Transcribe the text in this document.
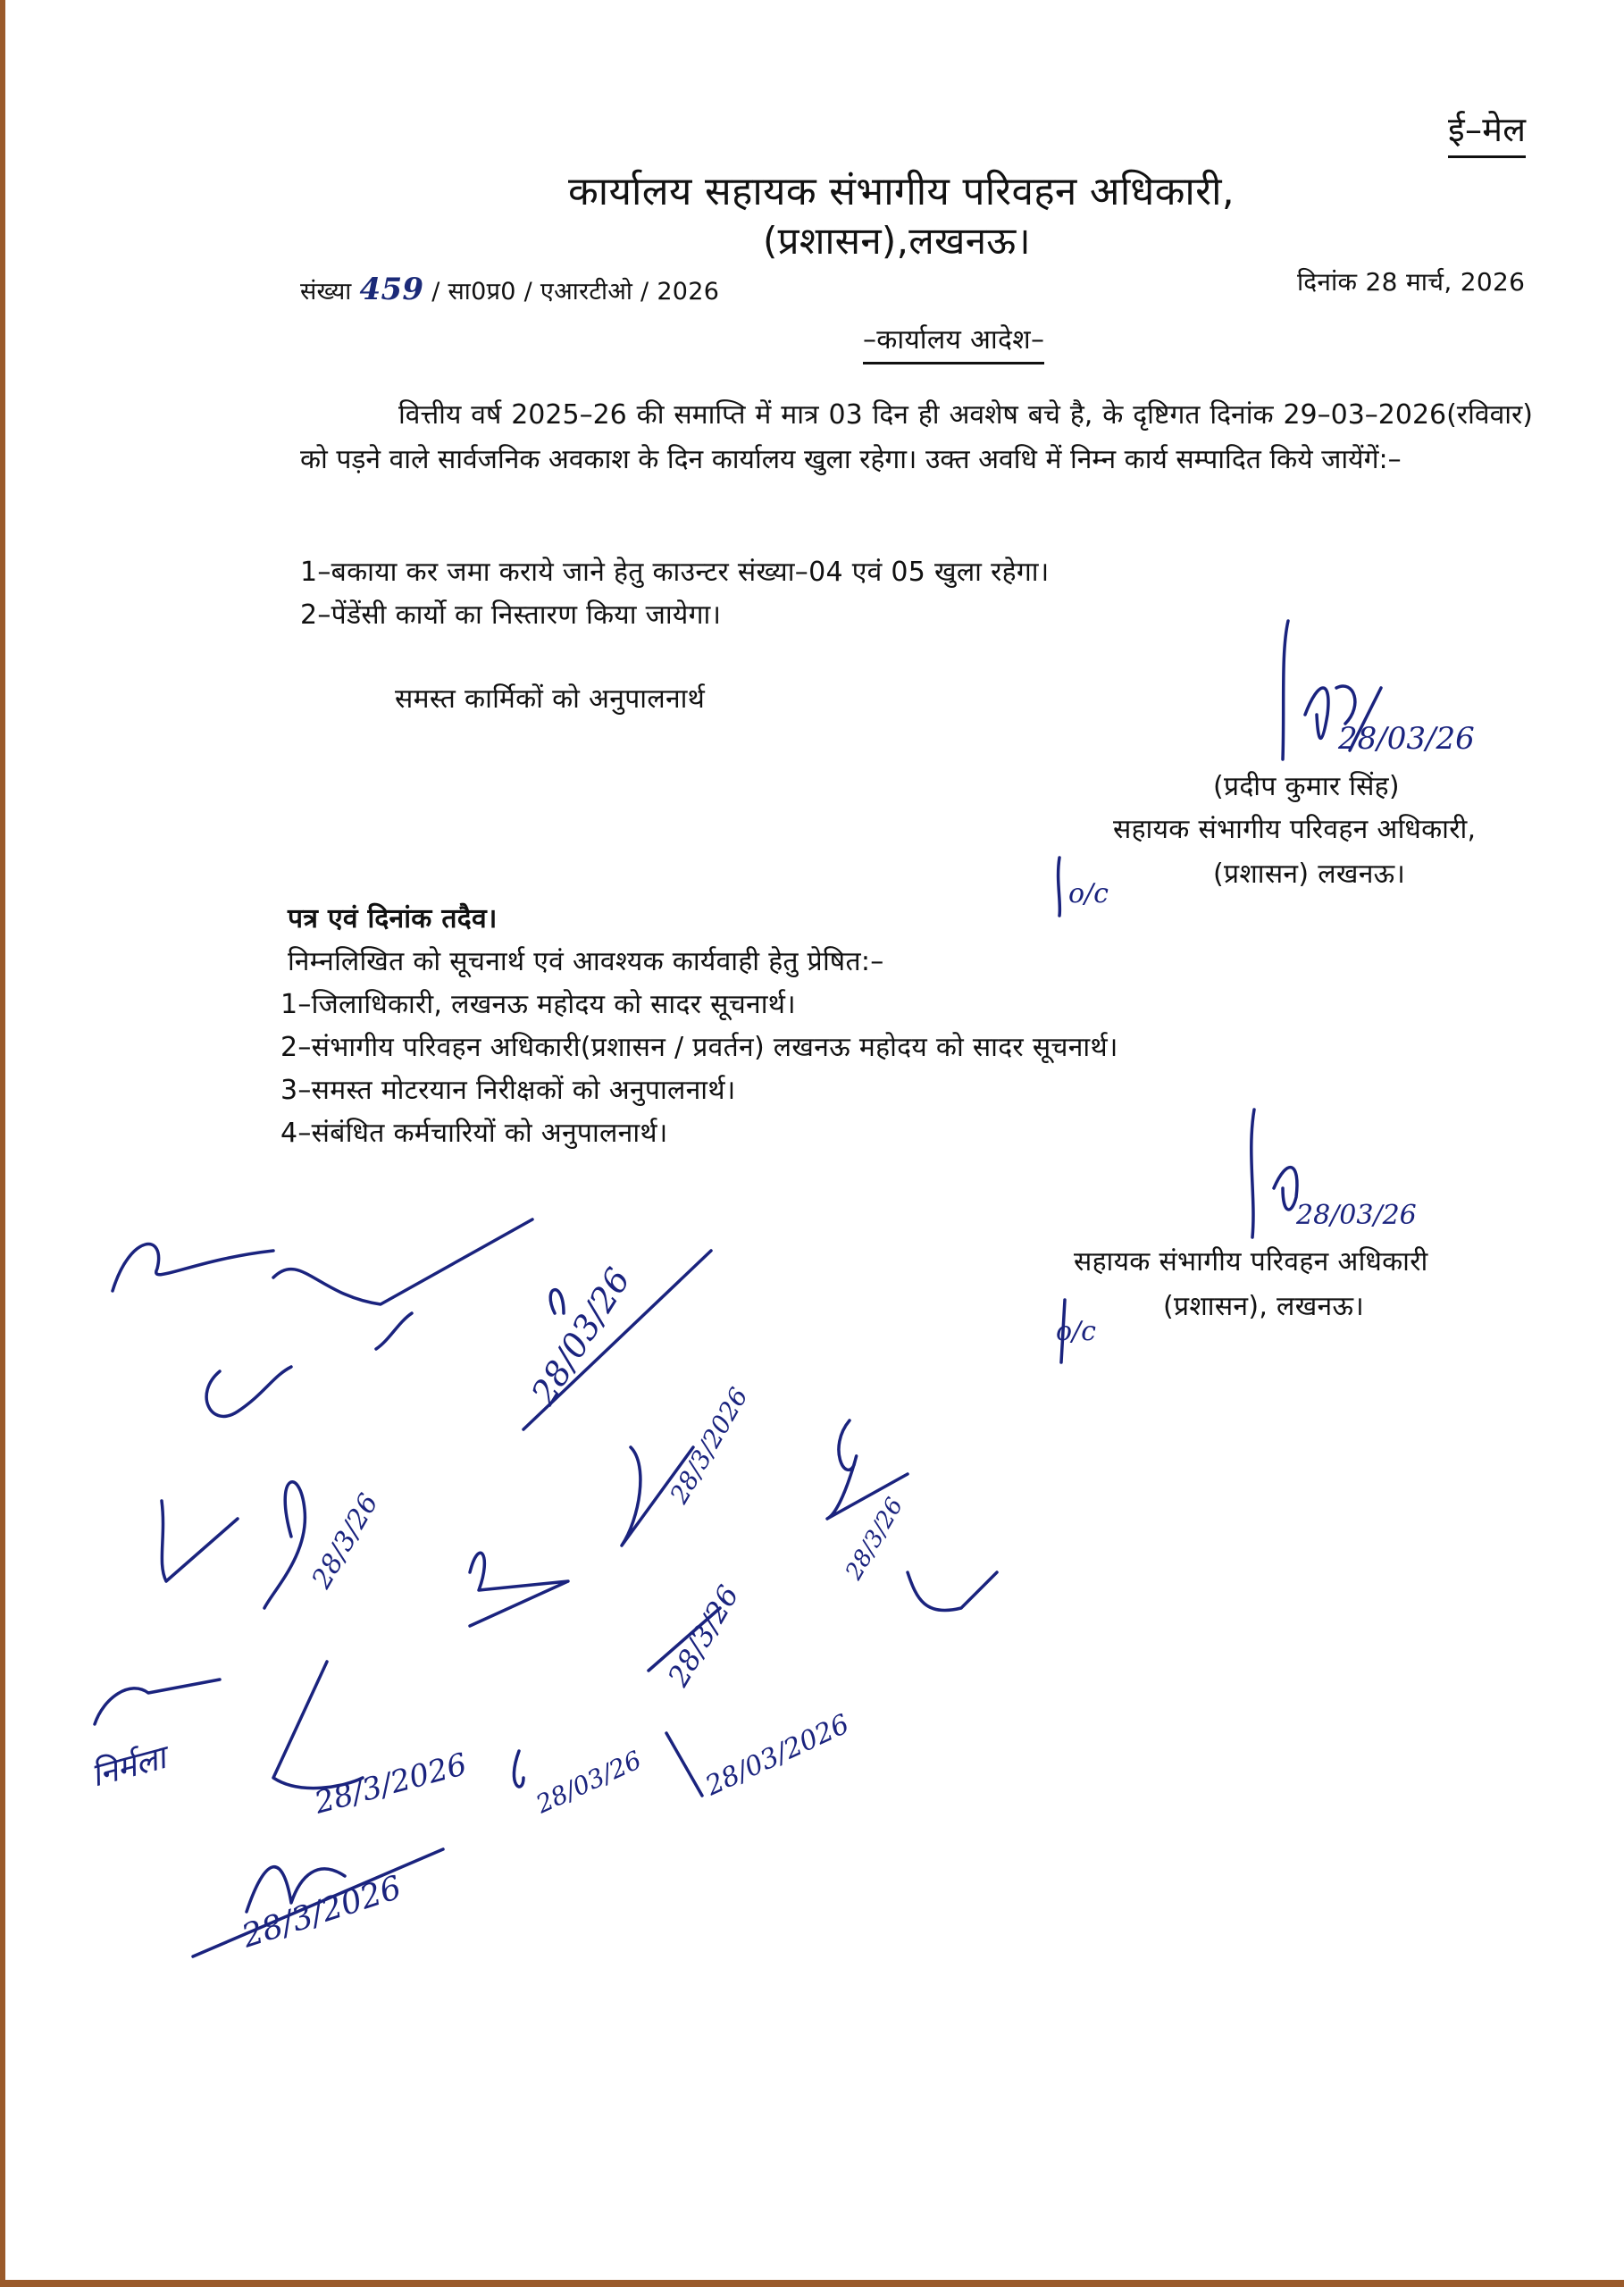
ई–मेल
कार्यालय सहायक संभागीय परिवहन अधिकारी,
(प्रशासन),लखनऊ।
संख्या 459 / सा0प्र0 / एआरटीओ / 2026	दिनांक 28 मार्च, 2026
–कार्यालय आदेश–

वित्तीय वर्ष 2025–26 की समाप्ति में मात्र 03 दिन ही अवशेष बचे है, के दृष्टिगत दिनांक 29–03–2026(रविवार) को पड़ने वाले सार्वजनिक अवकाश के दिन कार्यालय खुला रहेगा। उक्त अवधि में निम्न कार्य सम्पादित किये जायेंगें:–

1–बकाया कर जमा कराये जाने हेतु काउन्टर संख्या–04 एवं 05 खुला रहेगा।
2–पेंडेंसी कार्यो का निस्तारण किया जायेगा।
समस्त कार्मिकों को अनुपालनार्थ
(प्रदीप कुमार सिंह)
सहायक संभागीय परिवहन अधिकारी,
(प्रशासन) लखनऊ।
पत्र एवं दिनांक तदैव।
निम्नलिखित को सूचनार्थ एवं आवश्यक कार्यवाही हेतु प्रेषित:–
1–जिलाधिकारी, लखनऊ महोदय को सादर सूचनार्थ।
2–संभागीय परिवहन अधिकारी(प्रशासन / प्रवर्तन) लखनऊ महोदय को सादर सूचनार्थ।
3–समस्त मोटरयान निरीक्षकों को अनुपालनार्थ।
4–संबंधित कर्मचारियों को अनुपालनार्थ।
सहायक संभागीय परिवहन अधिकारी
(प्रशासन), लखनऊ।
28/03/26
o/c
28/03/26
o/c
28/03/26
28/3/26
28/3/2026
28/3/26
28/3/26
निर्मला	28/3/2026 28/03/26 28/03/2026
28/3/2026
